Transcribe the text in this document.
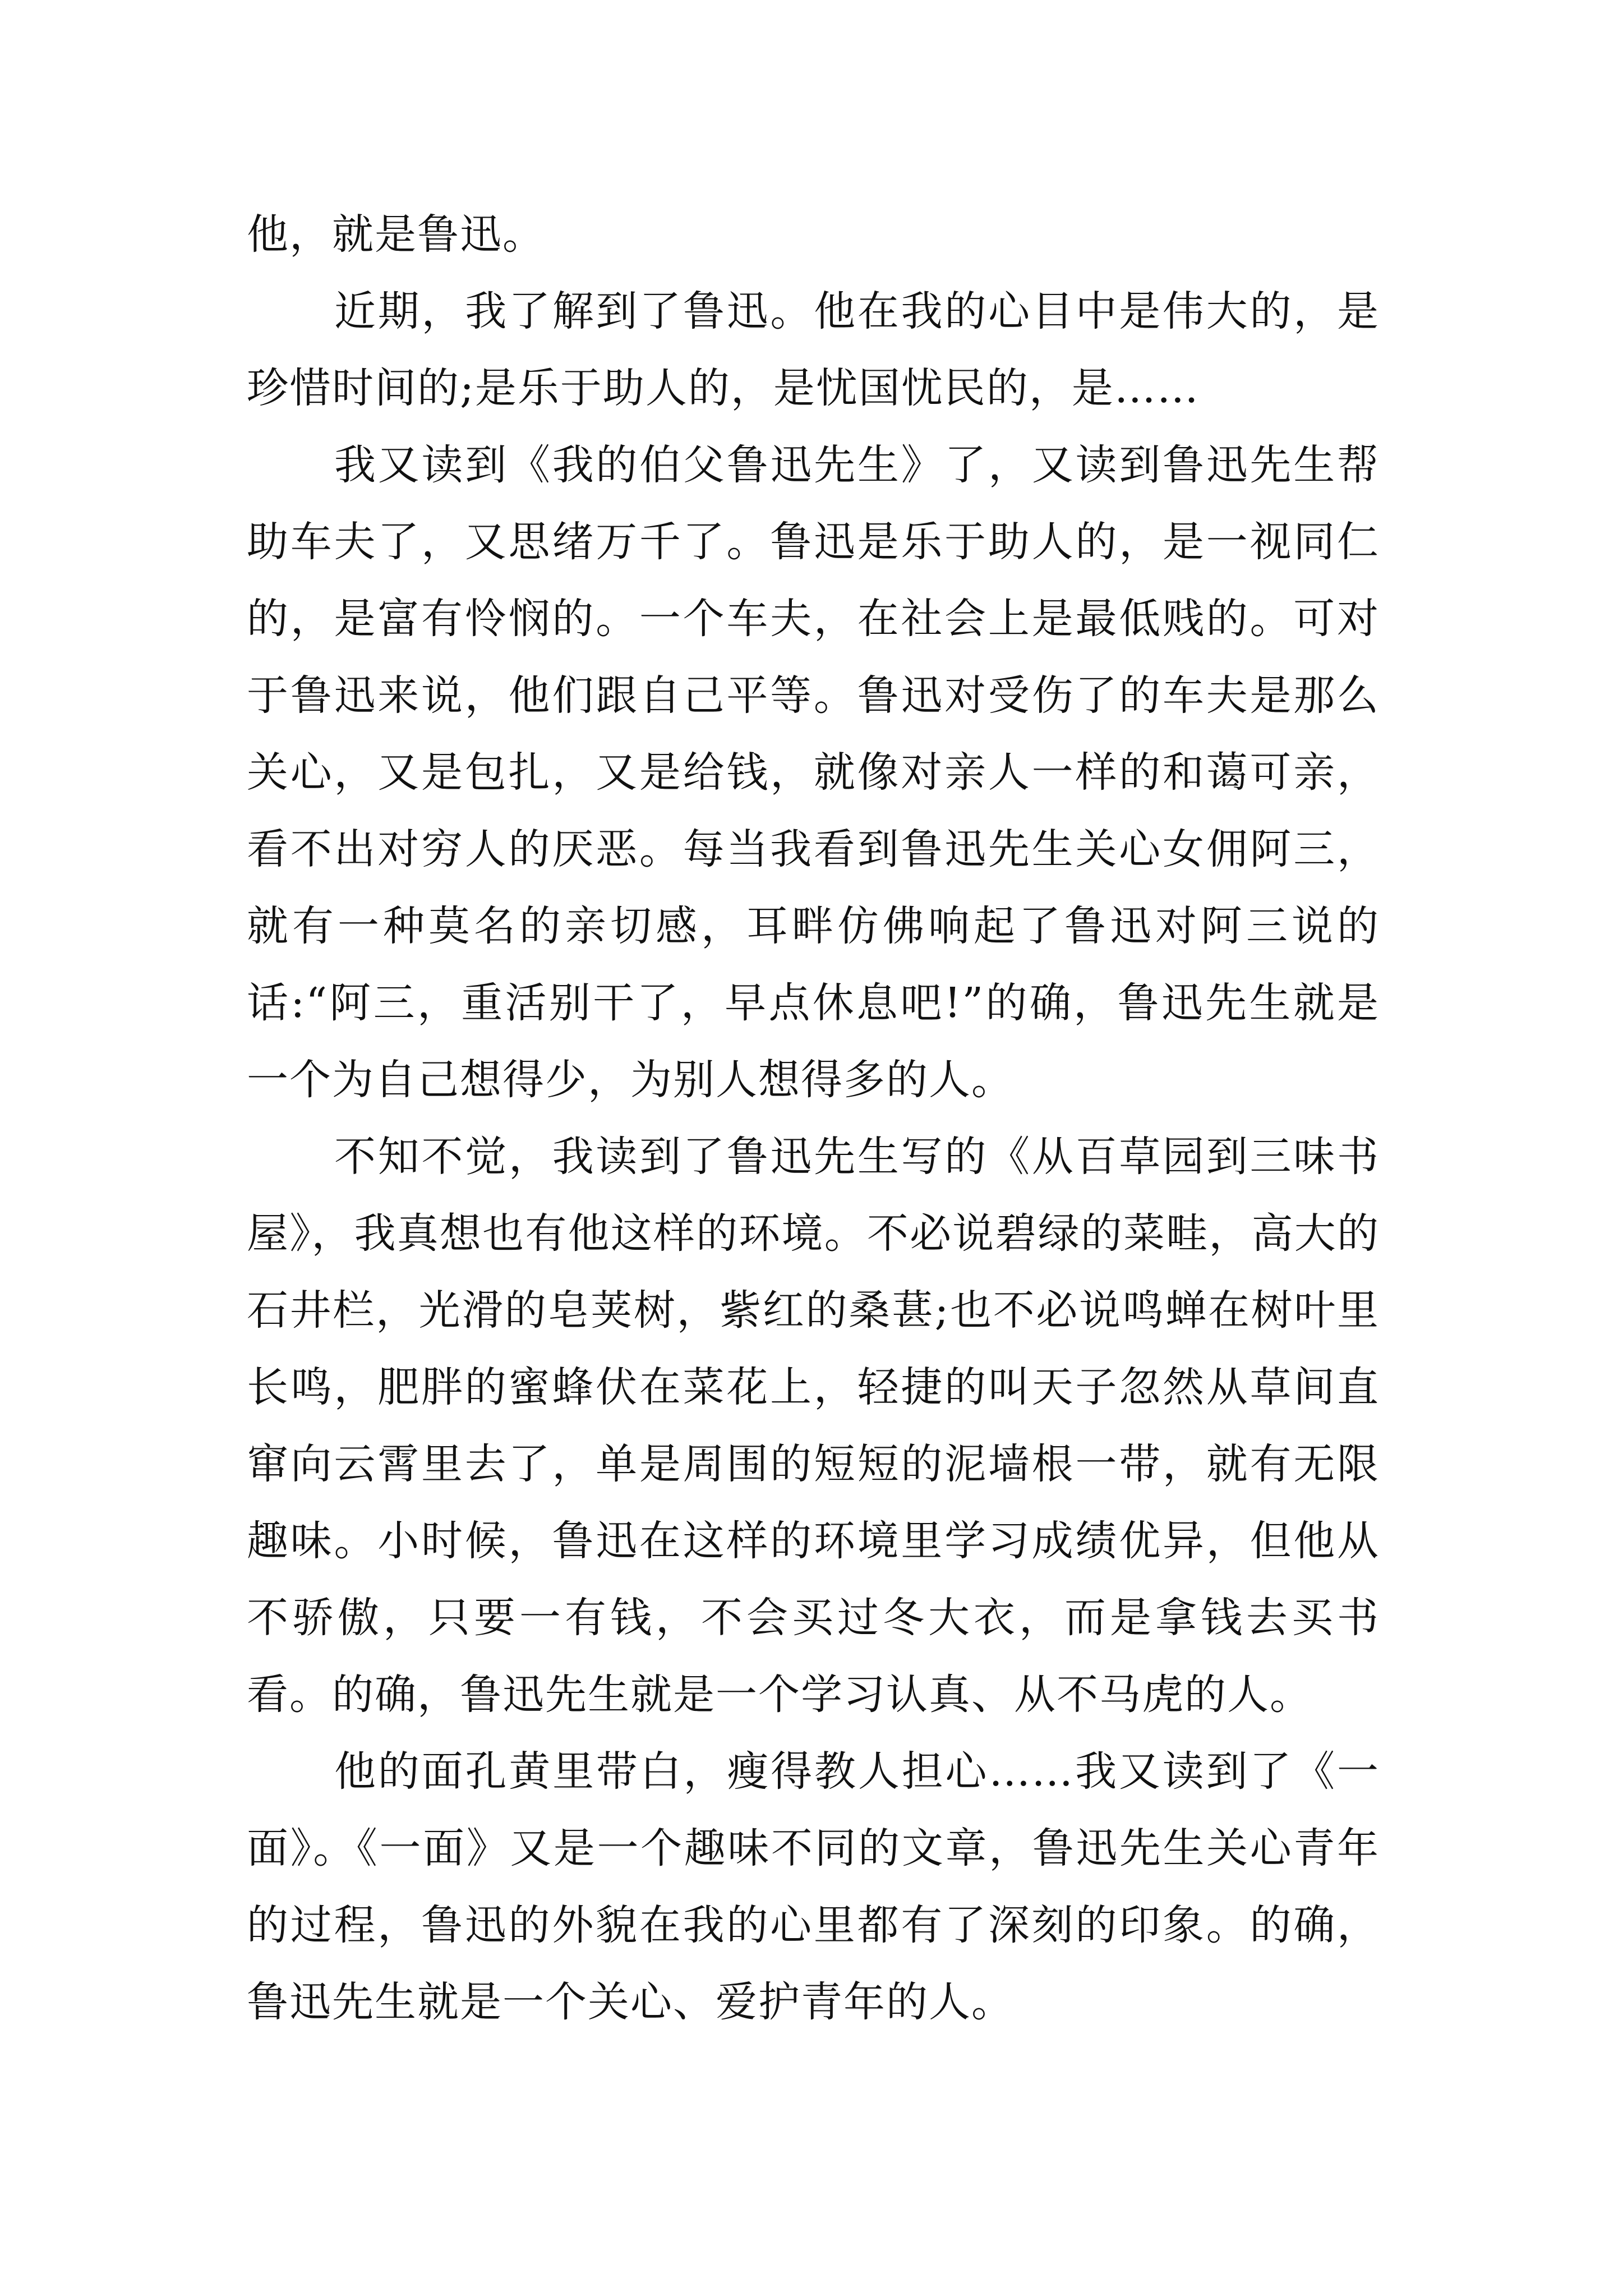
他，就是鲁迅。

近期，我了解到了鲁迅。他在我的心目中是伟大的，是珍惜时间的;是乐于助人的，是忧国忧民的，是……

我又读到《我的伯父鲁迅先生》了，又读到鲁迅先生帮助车夫了，又思绪万千了。鲁迅是乐于助人的，是一视同仁的，是富有怜悯的。一个车夫，在社会上是最低贱的。可对于鲁迅来说，他们跟自己平等。鲁迅对受伤了的车夫是那么关心，又是包扎，又是给钱，就像对亲人一样的和蔼可亲，看不出对穷人的厌恶。每当我看到鲁迅先生关心女佣阿三，就有一种莫名的亲切感，耳畔仿佛响起了鲁迅对阿三说的话:“阿三，重活别干了，早点休息吧!”的确，鲁迅先生就是一个为自己想得少，为别人想得多的人。

不知不觉，我读到了鲁迅先生写的《从百草园到三味书屋》，我真想也有他这样的环境。不必说碧绿的菜畦，高大的石井栏，光滑的皂荚树，紫红的桑葚;也不必说鸣蝉在树叶里长鸣，肥胖的蜜蜂伏在菜花上，轻捷的叫天子忽然从草间直窜向云霄里去了，单是周围的短短的泥墙根一带，就有无限趣味。小时候，鲁迅在这样的环境里学习成绩优异，但他从不骄傲，只要一有钱，不会买过冬大衣，而是拿钱去买书看。的确，鲁迅先生就是一个学习认真、从不马虎的人。

他的面孔黄里带白，瘦得教人担心……我又读到了《一面》。《一面》又是一个趣味不同的文章，鲁迅先生关心青年的过程，鲁迅的外貌在我的心里都有了深刻的印象。的确，鲁迅先生就是一个关心、爱护青年的人。
